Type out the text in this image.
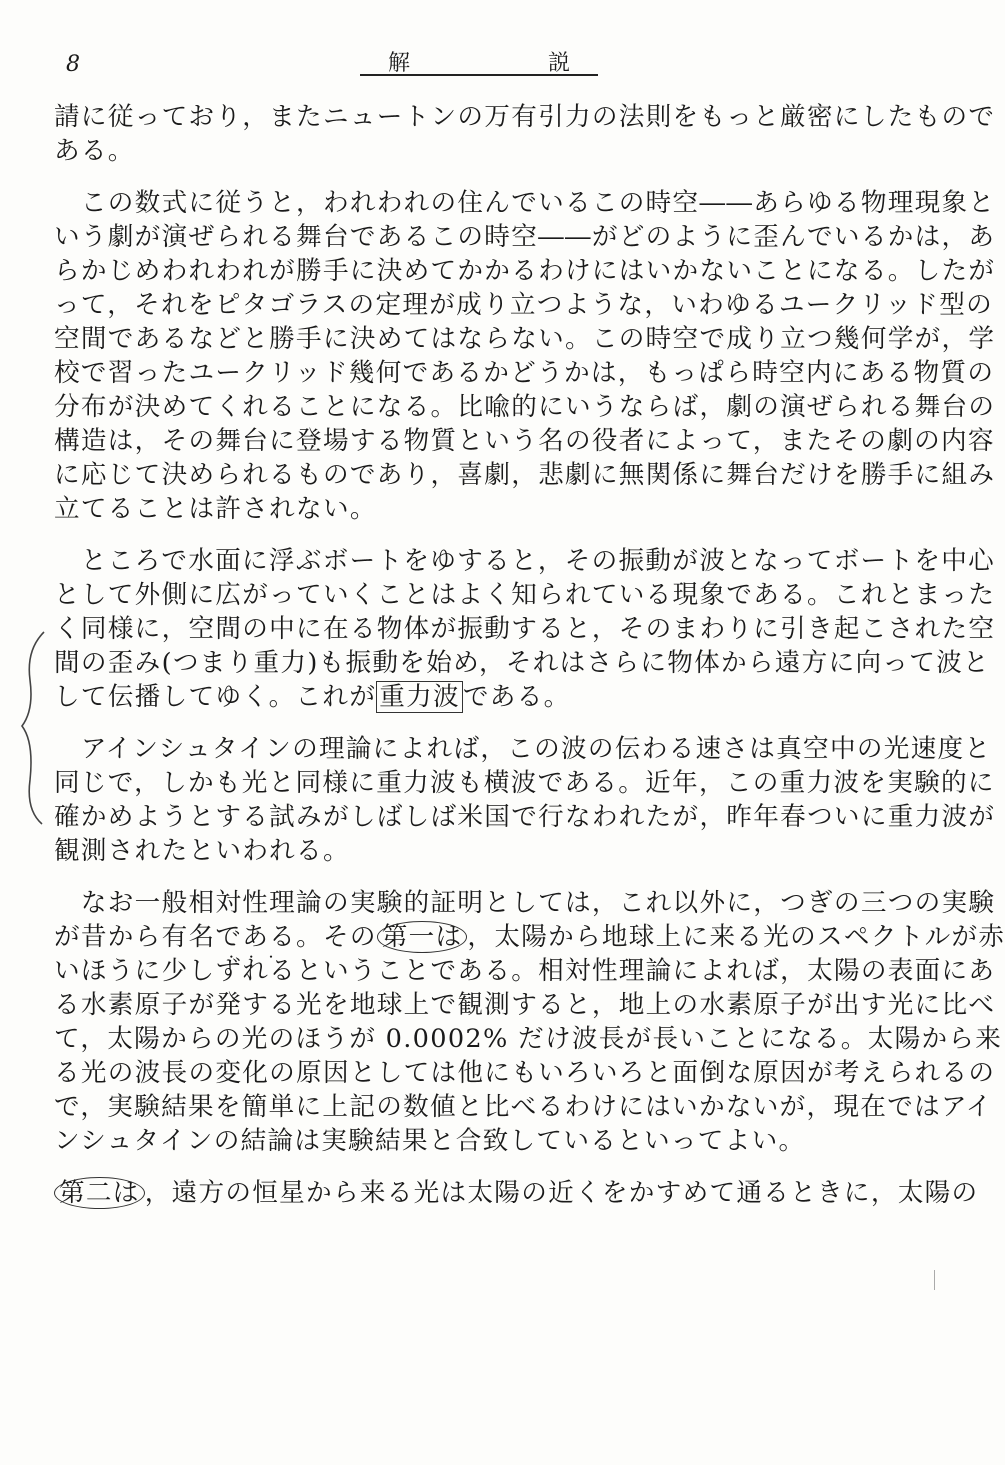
8	解	説
請に従っており，またニュートンの万有引力の法則をもっと厳密にしたもので
ある。
　この数式に従うと，われわれの住んでいるこの時空――あらゆる物理現象と
いう劇が演ぜられる舞台であるこの時空――がどのように歪んでいるかは，あ
らかじめわれわれが勝手に決めてかかるわけにはいかないことになる。したが
って，それをピタゴラスの定理が成り立つような，いわゆるユークリッド型の
空間であるなどと勝手に決めてはならない。この時空で成り立つ幾何学が，学
校で習ったユークリッド幾何であるかどうかは，もっぱら時空内にある物質の
分布が決めてくれることになる。比喩的にいうならば，劇の演ぜられる舞台の
構造は，その舞台に登場する物質という名の役者によって，またその劇の内容
に応じて決められるものであり，喜劇，悲劇に無関係に舞台だけを勝手に組み
立てることは許されない。
　ところで水面に浮ぶボートをゆすると，その振動が波となってボートを中心
として外側に広がっていくことはよく知られている現象である。これとまった
く同様に，空間の中に在る物体が振動すると，そのまわりに引き起こされた空
間の歪み(つまり重力)も振動を始め，それはさらに物体から遠方に向って波と
して伝播してゆく。これが 重力波 である。
　アインシュタインの理論によれば，この波の伝わる速さは真空中の光速度と
同じで，しかも光と同様に重力波も横波である。近年，この重力波を実験的に
確かめようとする試みがしばしば米国で行なわれたが，昨年春ついに重力波が
観測されたといわれる。
　なお一般相対性理論の実験的証明としては，これ以外に，つぎの三つの実験
が昔から有名である。その 第一は ，太陽から地球上に来る光のスペクトルが赤
いほうに少し・ ・ ・ ずれるということである。相対性理論によれば，太陽の表面にあ
る水素原子が発する光を地球上で観測すると，地上の水素原子が出す光に比べ
て，太陽からの光のほうが 0.0002% だけ波長が長いことになる。太陽から来
る光の波長の変化の原因としては他にもいろいろと面倒な原因が考えられるの
で，実験結果を簡単に上記の数値と比べるわけにはいかないが，現在ではアイ
ンシュタインの結論は実験結果と合致しているといってよい。
第二は ，遠方の恒星から来る光は太陽の近くをかすめて通るときに，太陽の
